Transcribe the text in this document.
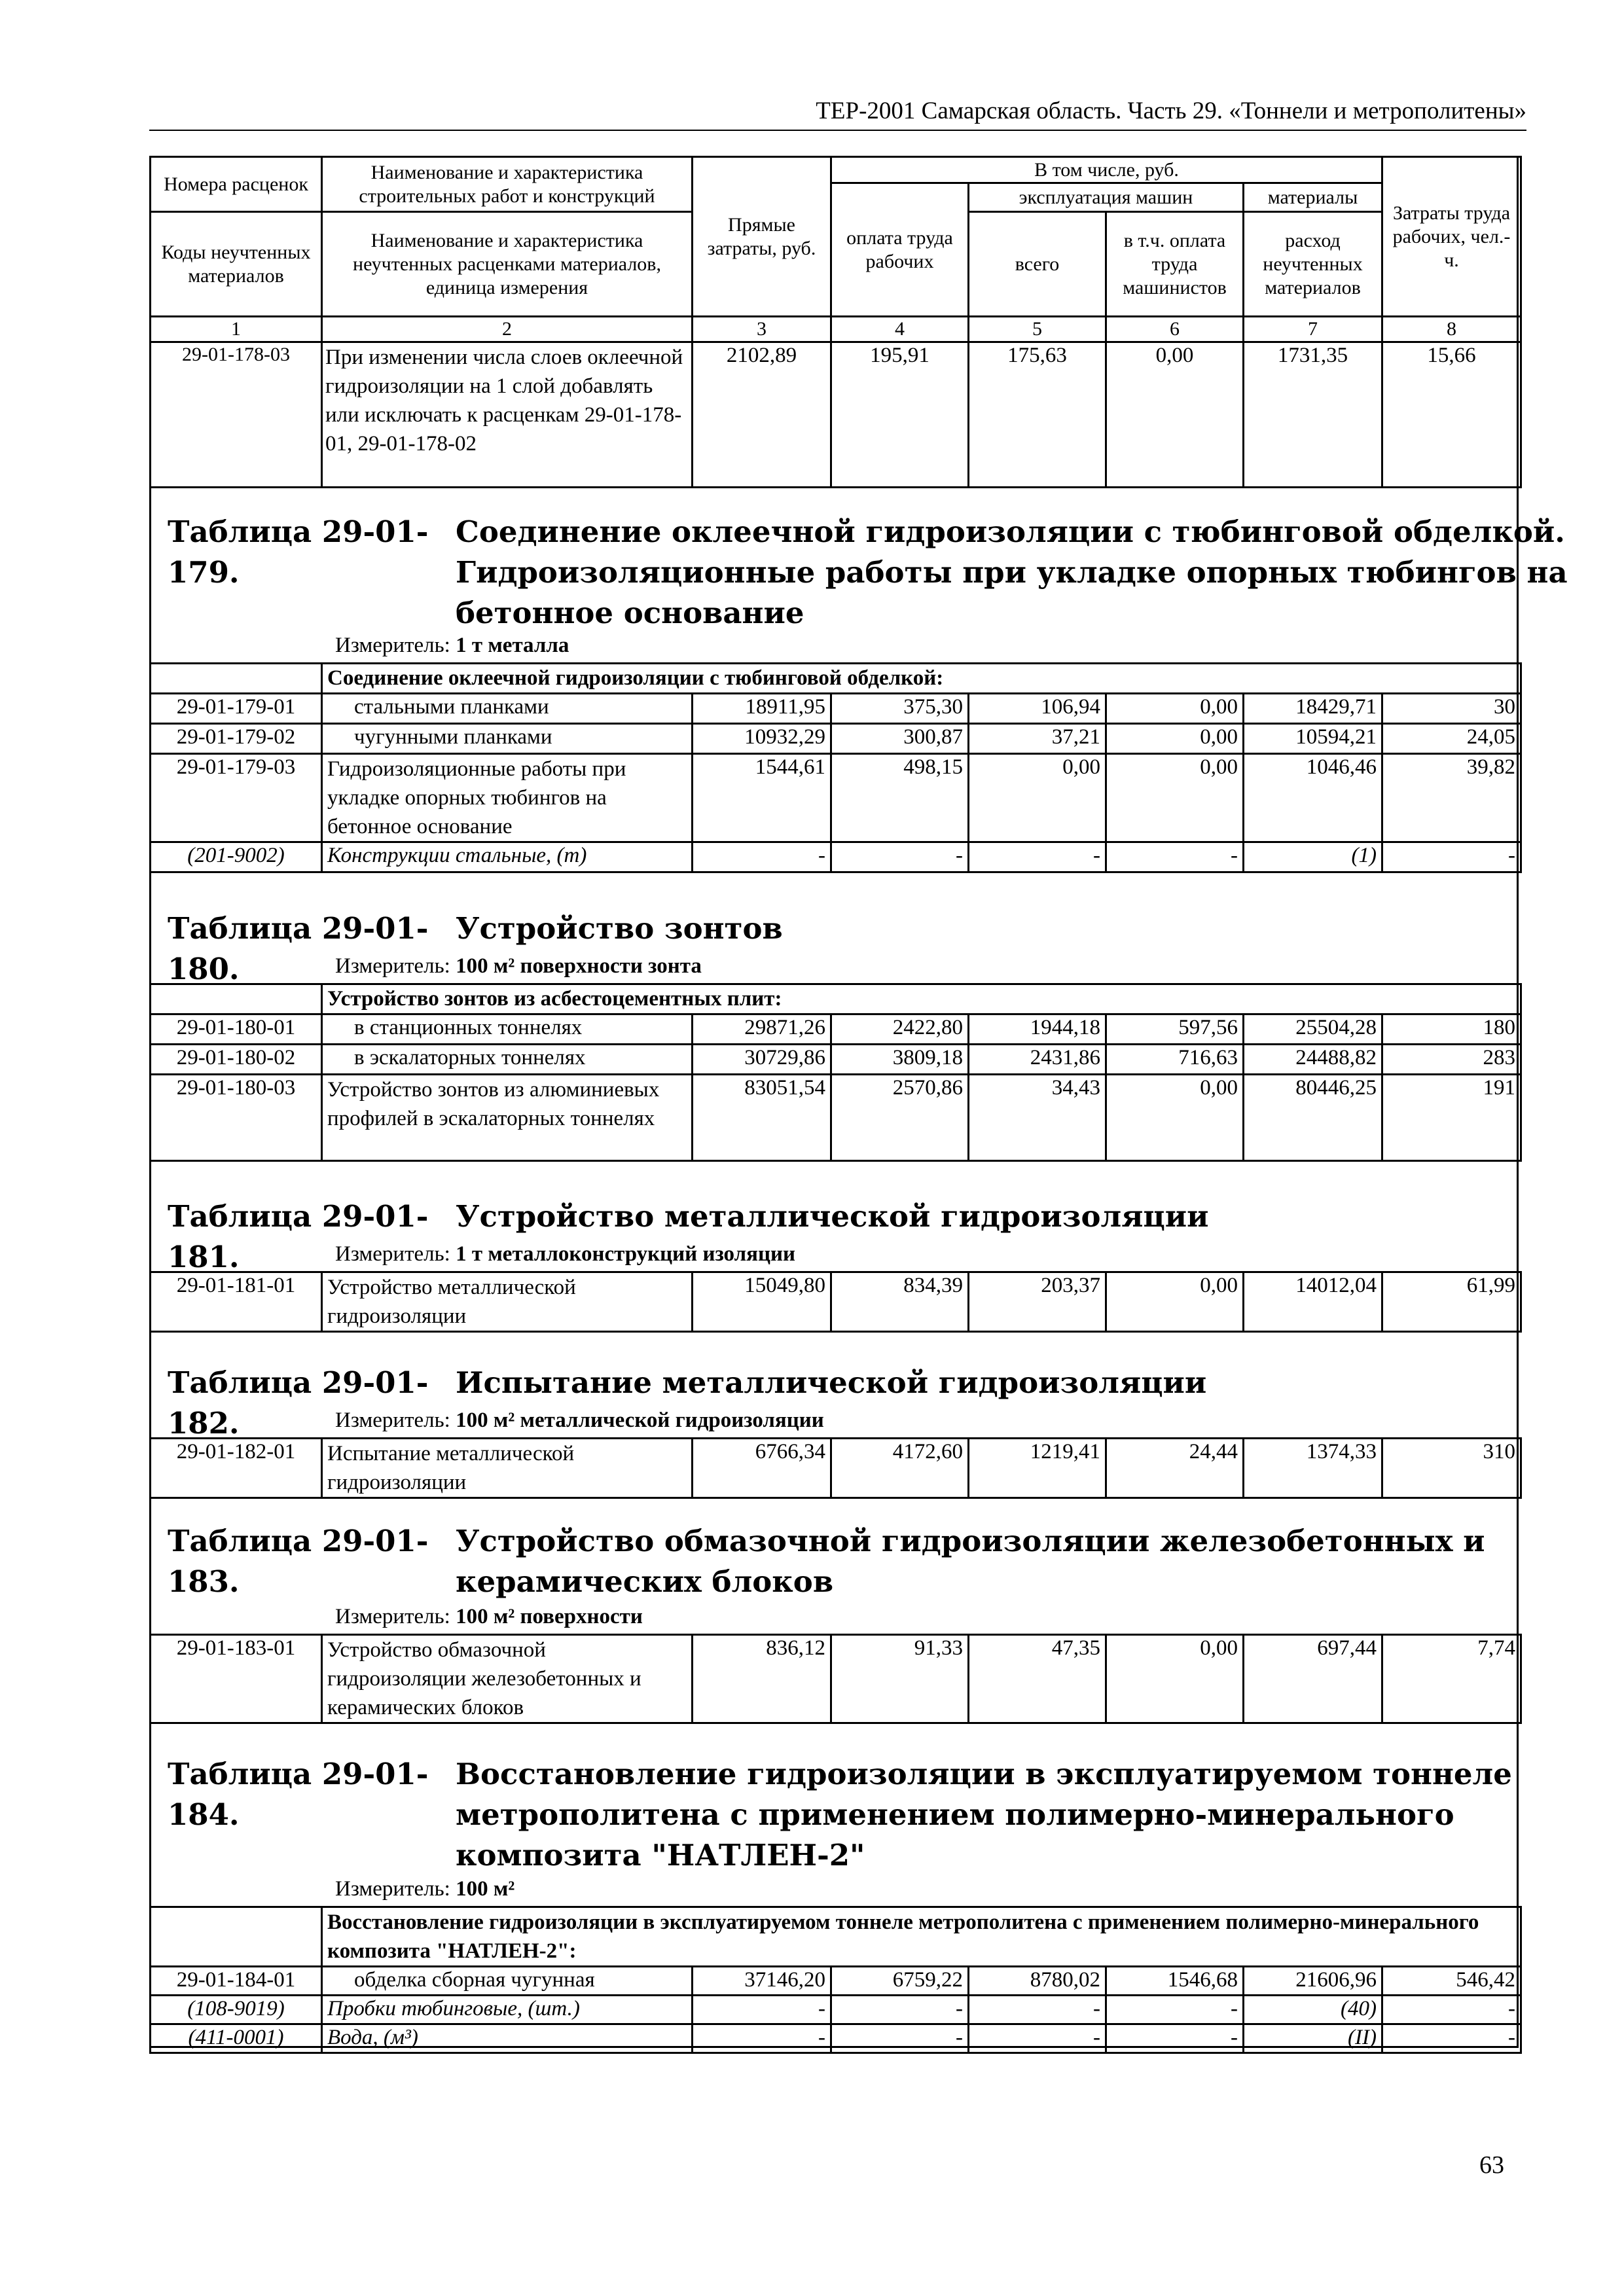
ТЕР-2001 Самарская область. Часть 29. «Тоннели и метрополитены»
Номера расценок	Наименование и характеристика строительных работ и конструкций	Прямые затраты, руб.	В том числе, руб.				Затраты труда рабочих, чел.-ч.
			оплата труда рабочих	эксплуатация машин		материалы	
Коды неучтенных материалов	Наименование и характеристика неучтенных расценками материалов, единица измерения			всего	в т.ч. оплата труда машинистов	расход неучтенных материалов	

1	2	3	4	5	6	7	8
29-01-178-03	При изменении числа слоев оклеечной гидроизоляции на 1 слой добавлять или исключать к расценкам 29-01-178-01, 29-01-178-02	2102,89	195,91	175,63	0,00	1731,35	15,66
Таблица 29-01-179.
Соединение оклеечной гидроизоляции с тюбинговой обделкой. Гидроизоляционные работы при укладке опорных тюбингов на бетонное основание
Измеритель: 1 т металла
	Соединение оклеечной гидроизоляции с тюбинговой обделкой:						
29-01-179-01	стальными планками	18911,95	375,30	106,94	0,00	18429,71	30
29-01-179-02	чугунными планками	10932,29	300,87	37,21	0,00	10594,21	24,05
29-01-179-03	Гидроизоляционные работы при укладке опорных тюбингов на бетонное основание	1544,61	498,15	0,00	0,00	1046,46	39,82
(201-9002)	Конструкции стальные, (т)	-	-	-	-	(1)	-
Таблица 29-01-180.
Устройство зонтов
Измеритель: 100 м² поверхности зонта
	Устройство зонтов из асбестоцементных плит:						
29-01-180-01	в станционных тоннелях	29871,26	2422,80	1944,18	597,56	25504,28	180
29-01-180-02	в эскалаторных тоннелях	30729,86	3809,18	2431,86	716,63	24488,82	283
29-01-180-03	Устройство зонтов из алюминиевых профилей в эскалаторных тоннелях	83051,54	2570,86	34,43	0,00	80446,25	191
Таблица 29-01-181.
Устройство металлической гидроизоляции
Измеритель: 1 т металлоконструкций изоляции
29-01-181-01	Устройство металлической гидроизоляции	15049,80	834,39	203,37	0,00	14012,04	61,99
Таблица 29-01-182.
Испытание металлической гидроизоляции
Измеритель: 100 м² металлической гидроизоляции
29-01-182-01	Испытание металлической гидроизоляции	6766,34	4172,60	1219,41	24,44	1374,33	310
Таблица 29-01-183.
Устройство обмазочной гидроизоляции железобетонных и керамических блоков
Измеритель: 100 м² поверхности
29-01-183-01	Устройство обмазочной гидроизоляции железобетонных и керамических блоков	836,12	91,33	47,35	0,00	697,44	7,74
Таблица 29-01-184.
Восстановление гидроизоляции в эксплуатируемом тоннеле метрополитена с применением полимерно-минерального композита "НАТЛЕН-2"
Измеритель: 100 м²
	Восстановление гидроизоляции в эксплуатируемом тоннеле метрополитена с применением полимерно-минерального композита "НАТЛЕН-2":						
29-01-184-01	обделка сборная чугунная	37146,20	6759,22	8780,02	1546,68	21606,96	546,42
(108-9019)	Пробки тюбинговые, (шт.)	-	-	-	-	(40)	-
(411-0001)	Вода, (м³)	-	-	-	-	(II)	-
63
